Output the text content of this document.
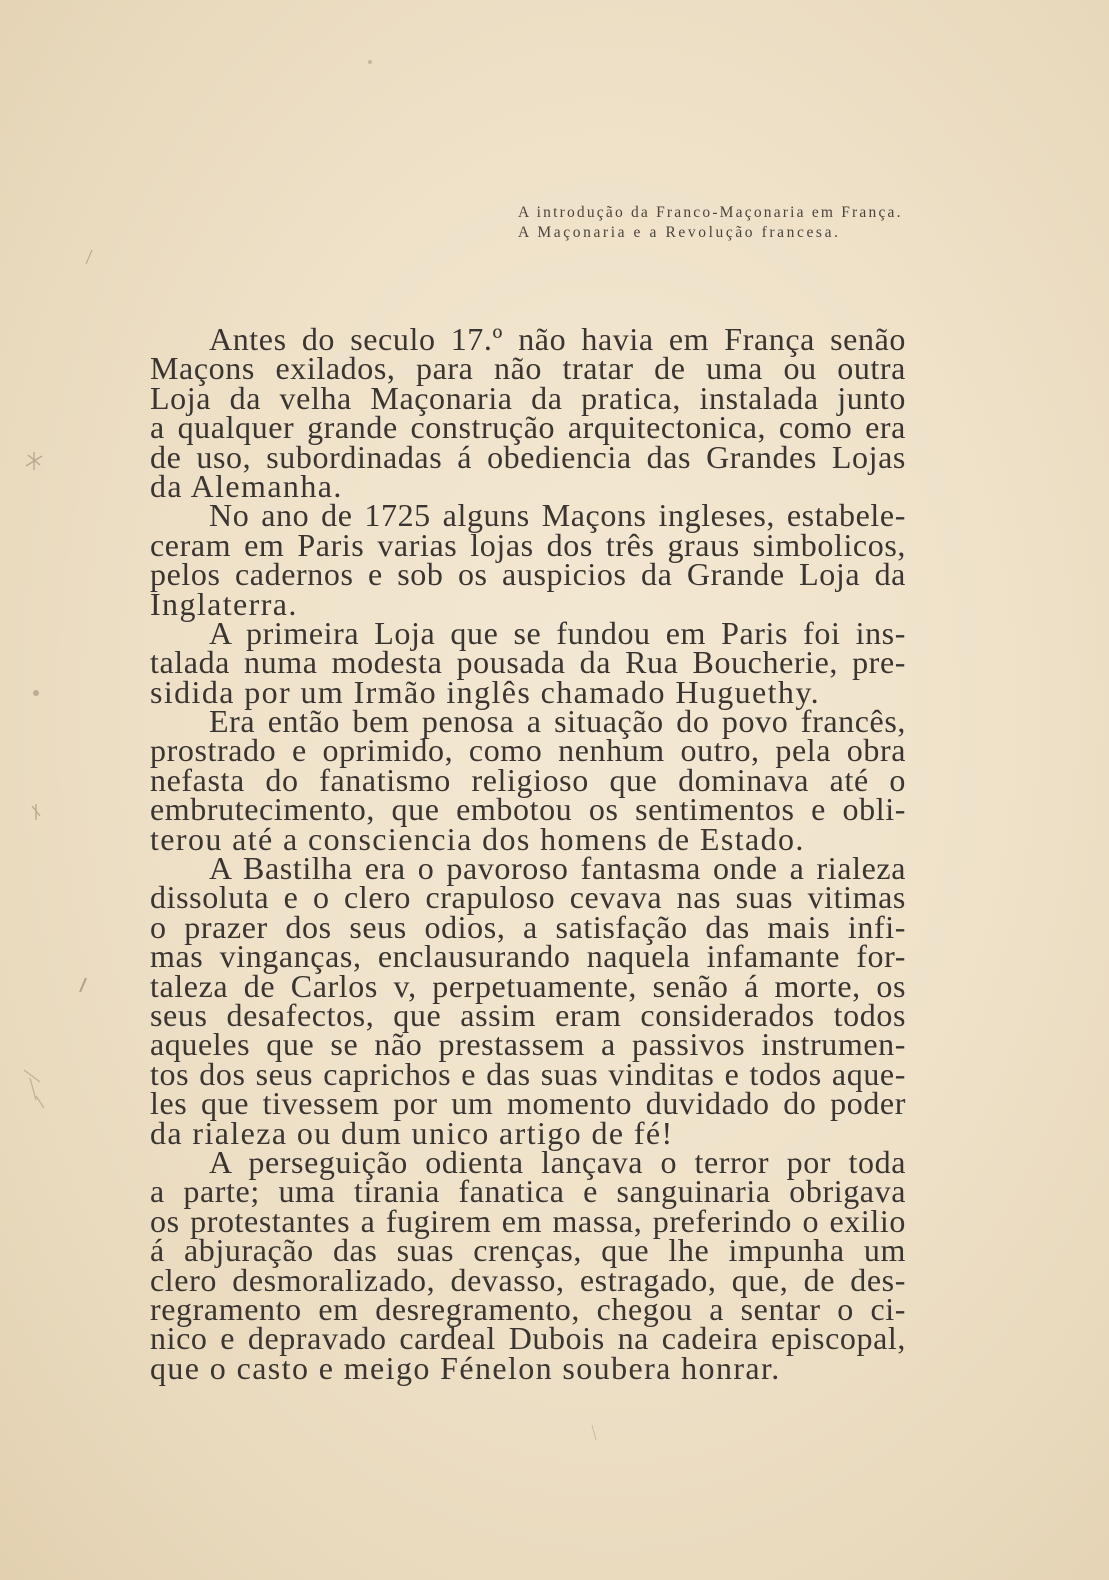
A introdução da Franco-Maçonaria em França.
A Maçonaria e a Revolução francesa.
Antes do seculo 17.º não havia em França senão
Maçons exilados, para não tratar de uma ou outra
Loja da velha Maçonaria da pratica, instalada junto
a qualquer grande construção arquitectonica, como era
de uso, subordinadas á obediencia das Grandes Lojas
da Alemanha.
No ano de 1725 alguns Maçons ingleses, estabele-
ceram em Paris varias lojas dos três graus simbolicos,
pelos cadernos e sob os auspicios da Grande Loja da
Inglaterra.
A primeira Loja que se fundou em Paris foi ins-
talada numa modesta pousada da Rua Boucherie, pre-
sidida por um Irmão inglês chamado Huguethy.
Era então bem penosa a situação do povo francês,
prostrado e oprimido, como nenhum outro, pela obra
nefasta do fanatismo religioso que dominava até o
embrutecimento, que embotou os sentimentos e obli-
terou até a consciencia dos homens de Estado.
A Bastilha era o pavoroso fantasma onde a rialeza
dissoluta e o clero crapuloso cevava nas suas vitimas
o prazer dos seus odios, a satisfação das mais infi-
mas vinganças, enclausurando naquela infamante for-
taleza de Carlos v, perpetuamente, senão á morte, os
seus desafectos, que assim eram considerados todos
aqueles que se não prestassem a passivos instrumen-
tos dos seus caprichos e das suas vinditas e todos aque-
les que tivessem por um momento duvidado do poder
da rialeza ou dum unico artigo de fé!
A perseguição odienta lançava o terror por toda
a parte; uma tirania fanatica e sanguinaria obrigava
os protestantes a fugirem em massa, preferindo o exilio
á abjuração das suas crenças, que lhe impunha um
clero desmoralizado, devasso, estragado, que, de des-
regramento em desregramento, chegou a sentar o ci-
nico e depravado cardeal Dubois na cadeira episcopal,
que o casto e meigo Fénelon soubera honrar.
